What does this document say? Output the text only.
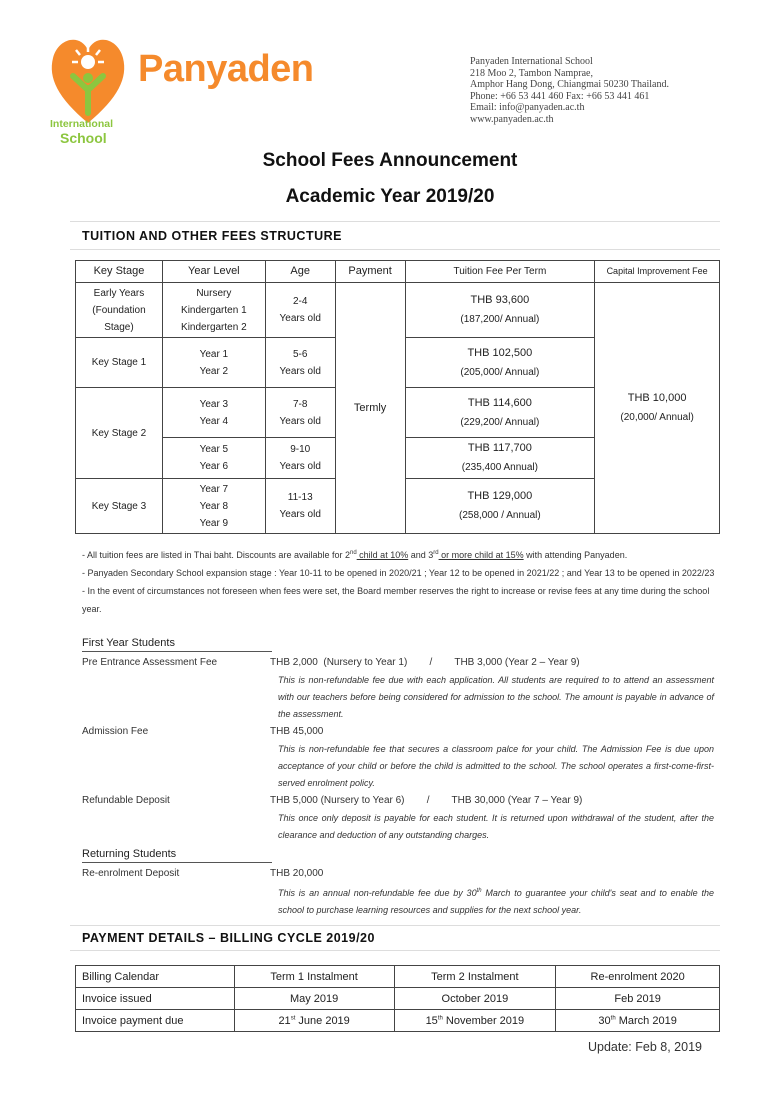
Panyaden
International
School
Panyaden International School
218 Moo 2, Tambon Namprae,
Amphor Hang Dong, Chiangmai 50230 Thailand.
Phone: +66 53 441 460 Fax: +66 53 441 461
Email: info@panyaden.ac.th
www.panyaden.ac.th
School Fees Announcement
Academic Year 2019/20
TUITION AND OTHER FEES STRUCTURE
Key Stage	Year Level	Age	Payment	Tuition Fee Per Term	Capital Improvement Fee
Early Years
(Foundation
Stage)	Nursery
Kindergarten 1
Kindergarten 2	2-4
Years old	Termly	THB 93,600
(187,200/ Annual)	THB 10,000
(20,000/ Annual)
Key Stage 1	Year 1
Year 2	5-6
Years old		THB 102,500
(205,000/ Annual)	
Key Stage 2	Year 3
Year 4	7-8
Years old		THB 114,600
(229,200/ Annual)	
	Year 5
Year 6	9-10
Years old		THB 117,700
(235,400 Annual)	
Key Stage 3	Year 7
Year 8
Year 9	11-13
Years old		THB 129,000
(258,000 / Annual)	
- All tuition fees are listed in Thai baht. Discounts are available for 2nd child at 10% and 3rd or more child at 15% with attending Panyaden.
- Panyaden Secondary School expansion stage : Year 10-11 to be opened in 2020/21 ; Year 12 to be opened in 2021/22 ; and Year 13 to be opened in 2022/23
- In the event of circumstances not foreseen when fees were set, the Board member reserves the right to increase or revise fees at any time during the school year.
First Year Students
Pre Entrance Assessment Fee	THB 2,000  (Nursery to Year 1)        /        THB 3,000 (Year 2 – Year 9)
This is non-refundable fee due with each application. All students are required to to attend an assessment with our teachers before being considered for admission to the school. The amount is payable in advance of the assessment.
Admission Fee	THB 45,000
This is non-refundable fee that secures a classroom palce for your child. The Admission Fee is due upon acceptance of your child or before the child is admitted to the school. The school operates a first-come-first-served enrolment policy.
Refundable Deposit	THB 5,000 (Nursery to Year 6)        /        THB 30,000 (Year 7 – Year 9)
This once only deposit is payable for each student. It is returned upon withdrawal of the student, after the clearance and deduction of any outstanding charges.
Returning Students
Re-enrolment Deposit	THB 20,000
This is an annual non-refundable fee due by 30th March to guarantee your child's seat and to enable the school to purchase learning resources and supplies for the next school year.
PAYMENT DETAILS – BILLING CYCLE 2019/20
Billing Calendar	Term 1 Instalment	Term 2 Instalment	Re-enrolment 2020
Invoice issued	May 2019	October 2019	Feb 2019
Invoice payment due	21st June 2019	15th November 2019	30th March 2019
Update: Feb 8, 2019
